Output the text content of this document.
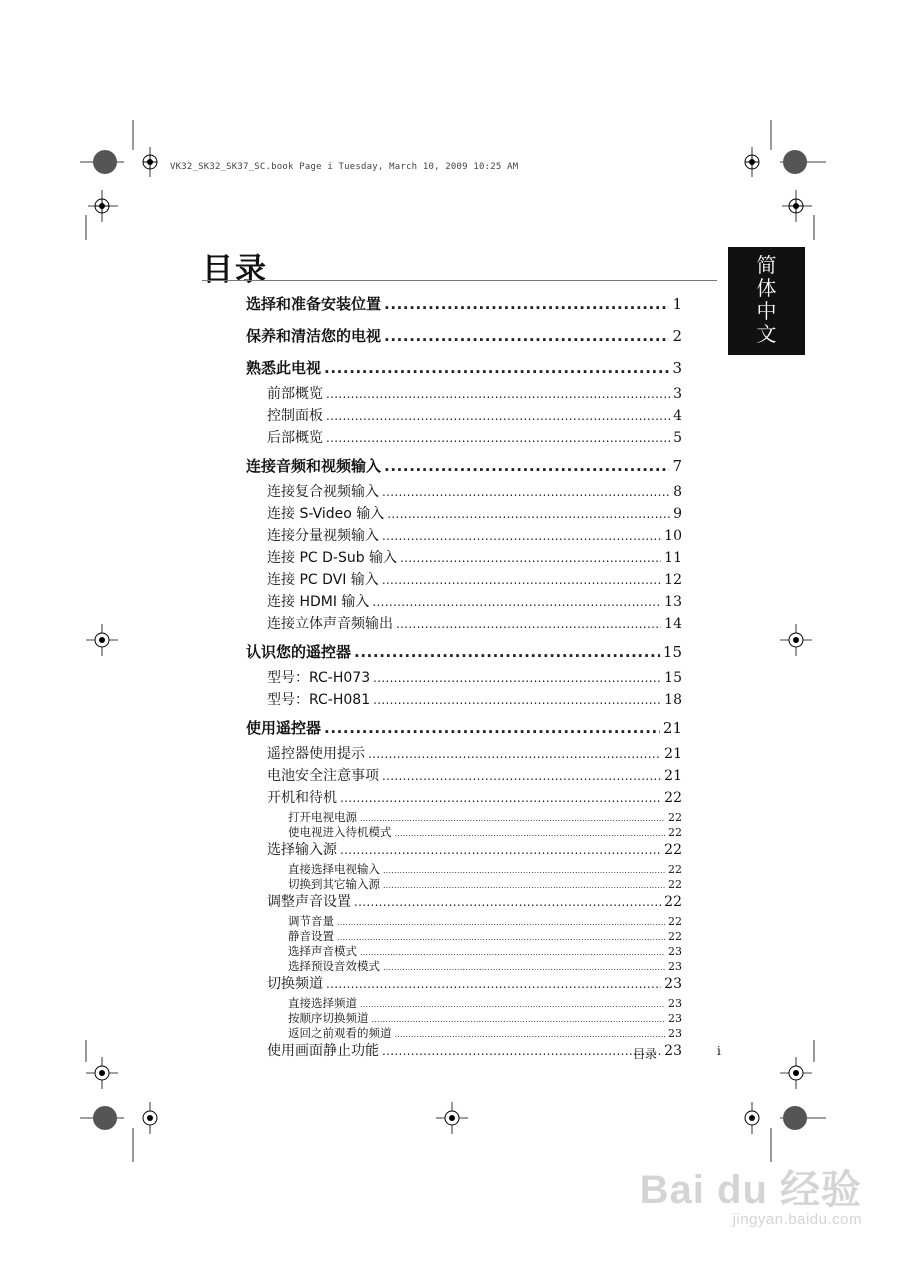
VK32_SK32_SK37_SC.book Page i Tuesday, March 10, 2009 10:25 AM
目录	简
体
中
文
选择和准备安装位置 .....	1
保养和清洁您的电视 .....	2
熟悉此电视 .....	3
前部概览 .....	3
控制面板 .....	4
后部概览 .....	5
连接音频和视频输入 .....	7
连接复合视频输入 .....	8
连接 S-Video 输入 .....	9
连接分量视频输入 .....	10
连接 PC D-Sub 输入 .....	11
连接 PC DVI 输入 .....	12
连接 HDMI 输入 .....	13
连接立体声音频输出 .....	14
认识您的遥控器 .....	15
型号：RC-H073 .....	15
型号：RC-H081 .....	18
使用遥控器 .....	21
遥控器使用提示 .....	21
电池安全注意事项 .....	21
开机和待机 .....	22
打开电视电源 .....	22
使电视进入待机模式 .....	22
选择输入源 .....	22
直接选择电视输入 .....	22
切换到其它输入源 .....	22
调整声音设置 .....	22
调节音量 .....	22
静音设置 .....	22
选择声音模式 .....	23
选择预设音效模式 .....	23
切换频道 .....	23
直接选择频道 .....	23
按顺序切换频道 .....	23
返回之前观看的频道 .....	23
使用画面静止功能 .....	23
目录	i
Bai du 经验
jingyan.baidu.com
